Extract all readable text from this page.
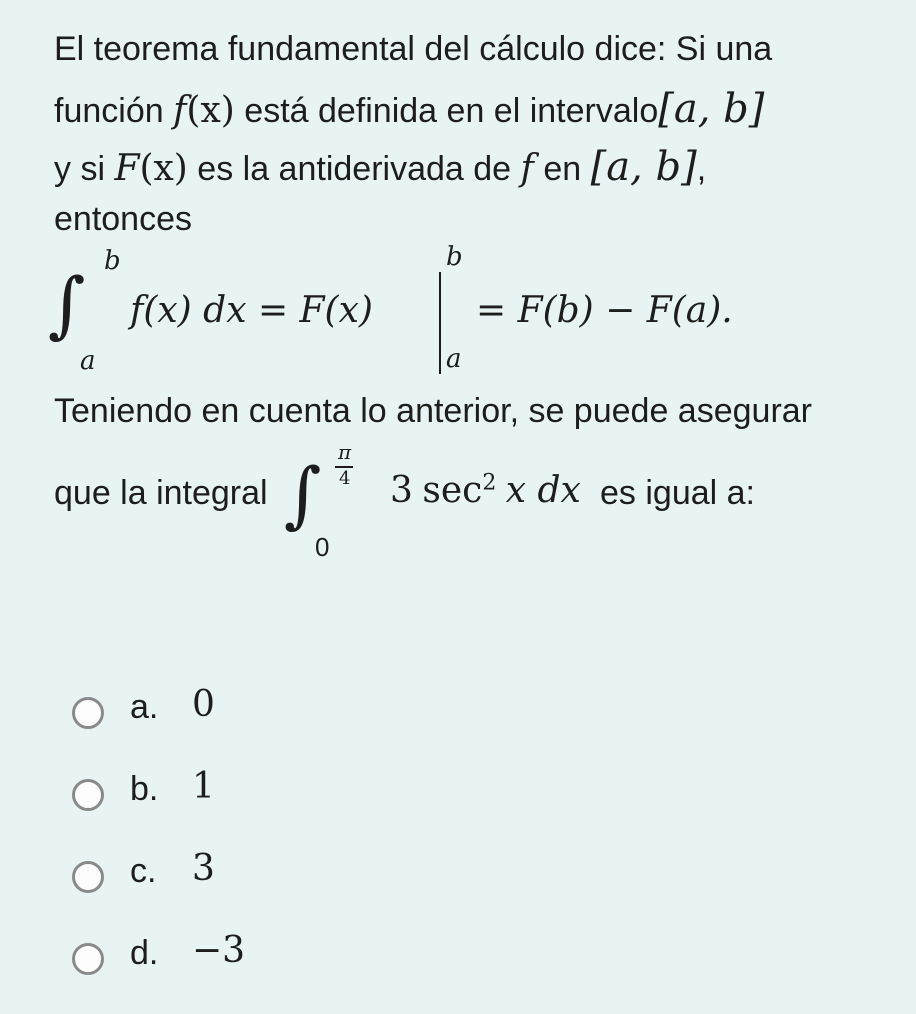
El teorema fundamental del cálculo dice: Si una
función f(x) está definida en el intervalo[a, b]
y si F(x) es la antiderivada de f en [a, b],
entonces
∫
b
a
f(x) dx = F(x)
b
a
= F(b) − F(a).
Teniendo en cuenta lo anterior, se puede asegurar
que la integral ∫ π
4
0
3 $\sec^2 x$ dx es igual a:
a. 0
b. 1
c. 3
d. −3
